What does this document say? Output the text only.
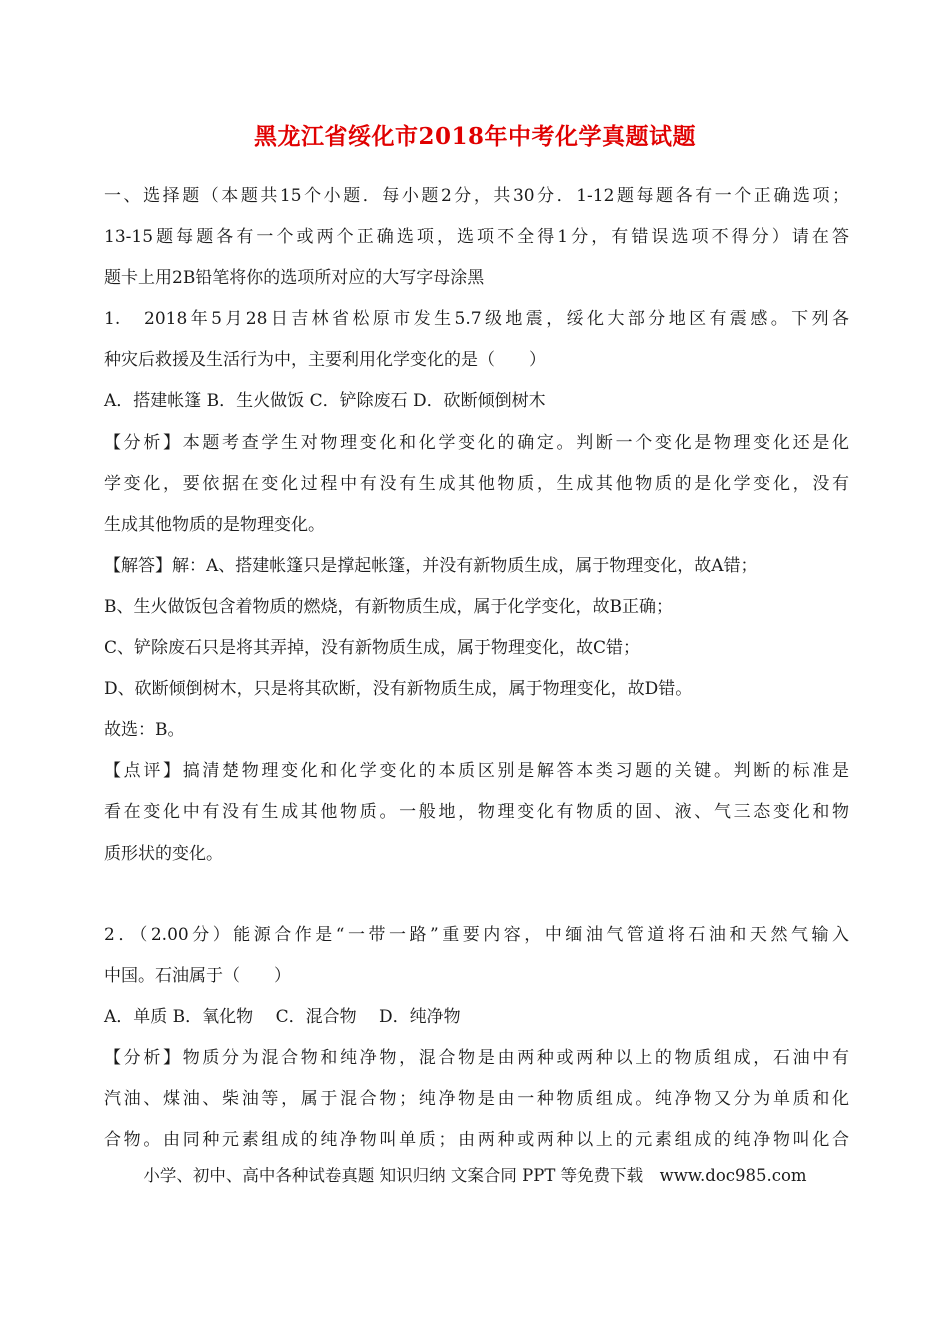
黑龙江省绥化市2018年中考化学真题试题
一、选择题（本题共15个小题．每小题2分，共30分．1-12题每题各有一个正确选项；
13-15题每题各有一个或两个正确选项，选项不全得1分，有错误选项不得分）请在答
题卡上用2B铅笔将你的选项所对应的大写字母涂黑
1.　2018年5月28日吉林省松原市发生5.7级地震，绥化大部分地区有震感。下列各
种灾后救援及生活行为中，主要利用化学变化的是（　　）
A．搭建帐篷 B．生火做饭 C．铲除废石 D．砍断倾倒树木
【分析】本题考查学生对物理变化和化学变化的确定。判断一个变化是物理变化还是化
学变化，要依据在变化过程中有没有生成其他物质，生成其他物质的是化学变化，没有
生成其他物质的是物理变化。
【解答】解：A、搭建帐篷只是撑起帐篷，并没有新物质生成，属于物理变化，故A错；
B、生火做饭包含着物质的燃烧，有新物质生成，属于化学变化，故B正确；
C、铲除废石只是将其弄掉，没有新物质生成，属于物理变化，故C错；
D、砍断倾倒树木，只是将其砍断，没有新物质生成，属于物理变化，故D错。
故选：B。
【点评】搞清楚物理变化和化学变化的本质区别是解答本类习题的关键。判断的标准是
看在变化中有没有生成其他物质。一般地，物理变化有物质的固、液、气三态变化和物
质形状的变化。
2．（2.00分）能源合作是“一带一路”重要内容，中缅油气管道将石油和天然气输入
中国。石油属于（　　）
A．单质 B．氧化物　 C．混合物　 D．纯净物
【分析】物质分为混合物和纯净物，混合物是由两种或两种以上的物质组成，石油中有
汽油、煤油、柴油等，属于混合物；纯净物是由一种物质组成。纯净物又分为单质和化
合物。由同种元素组成的纯净物叫单质；由两种或两种以上的元素组成的纯净物叫化合
小学、初中、高中各种试卷真题 知识归纳 文案合同 PPT 等免费下载　www.doc985.com
